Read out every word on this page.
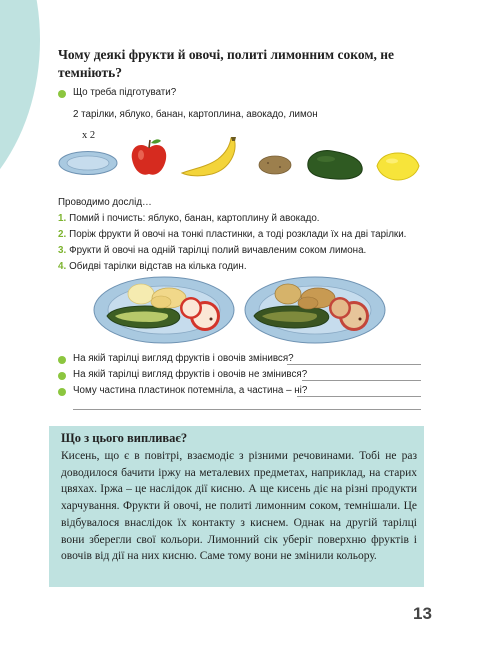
Чому деякі фрукти й овочі, политі лимонним соком, не темніють?
Що треба підготувати?
2 тарілки, яблуко, банан, картоплина, авокадо, лимон
x 2
Проводимо дослід…
1. Помий і почисть: яблуко, банан, картоплину й авокадо.
2. Поріж фрукти й овочі на тонкі пластинки, а тоді розклади їх на дві тарілки.
3. Фрукти й овочі на одній тарілці полий вичавленим соком лимона.
4. Обидві тарілки відстав на кілька годин.
На якій тарілці вигляд фруктів і овочів змінився?
На якій тарілці вигляд фруктів і овочів не змінився?
Чому частина пластинок потемніла, а частина – ні?
Що з цього випливає?

Кисень, що є в повітрі, взаємодіє з різними речовинами. Тобі не раз доводилося бачити іржу на металевих предметах, наприклад, на старих цвяхах. Іржа – це наслідок дії кисню. А ще кисень діє на різні продукти харчування. Фрукти й овочі, не политі лимонним соком, темнішали. Це відбувалося внаслідок їх контакту з киснем. Однак на другій тарілці вони зберегли свої кольори. Лимонний сік уберіг поверхню фруктів і овочів від дії на них кисню. Саме тому вони не змінили кольору.

13
